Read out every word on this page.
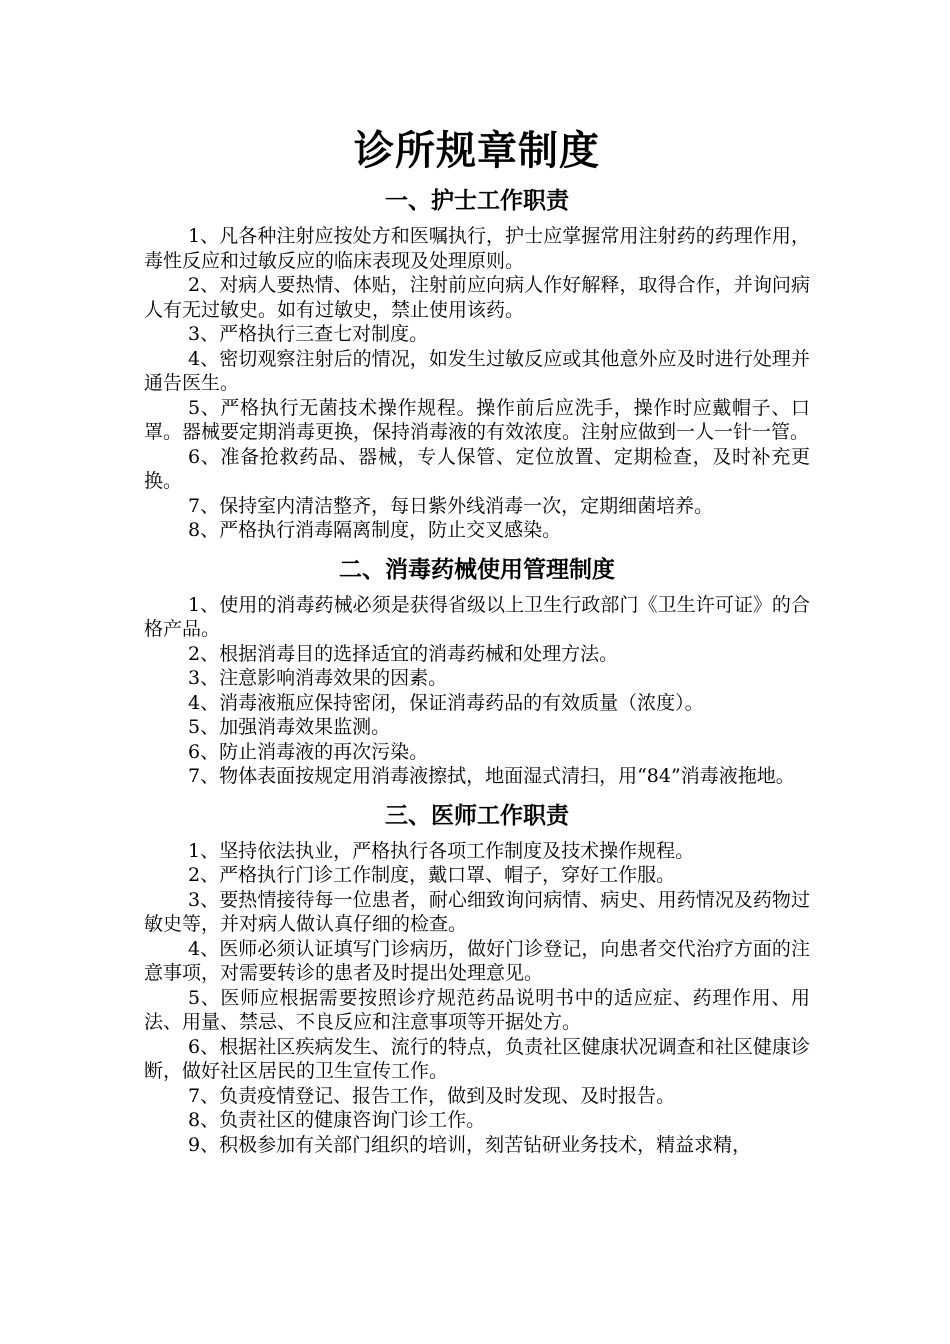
诊所规章制度
一、护士工作职责

1、凡各种注射应按处方和医嘱执行，护士应掌握常用注射药的药理作用，毒性反应和过敏反应的临床表现及处理原则。

2、对病人要热情、体贴，注射前应向病人作好解释，取得合作，并询问病人有无过敏史。如有过敏史，禁止使用该药。

3、严格执行三查七对制度。

4、密切观察注射后的情况，如发生过敏反应或其他意外应及时进行处理并通告医生。

5、严格执行无菌技术操作规程。操作前后应洗手，操作时应戴帽子、口罩。器械要定期消毒更换，保持消毒液的有效浓度。注射应做到一人一针一管。

6、准备抢救药品、器械，专人保管、定位放置、定期检查，及时补充更换。

7、保持室内清洁整齐，每日紫外线消毒一次，定期细菌培养。

8、严格执行消毒隔离制度，防止交叉感染。

二、消毒药械使用管理制度

1、使用的消毒药械必须是获得省级以上卫生行政部门《卫生许可证》的合格产品。

2、根据消毒目的选择适宜的消毒药械和处理方法。

3、注意影响消毒效果的因素。

4、消毒液瓶应保持密闭，保证消毒药品的有效质量（浓度）。

5、加强消毒效果监测。

6、防止消毒液的再次污染。

7、物体表面按规定用消毒液擦拭，地面湿式清扫，用“84”消毒液拖地。

三、医师工作职责

1、坚持依法执业，严格执行各项工作制度及技术操作规程。

2、严格执行门诊工作制度，戴口罩、帽子，穿好工作服。

3、要热情接待每一位患者，耐心细致询问病情、病史、用药情况及药物过敏史等，并对病人做认真仔细的检查。

4、医师必须认证填写门诊病历，做好门诊登记，向患者交代治疗方面的注意事项，对需要转诊的患者及时提出处理意见。

5、医师应根据需要按照诊疗规范药品说明书中的适应症、药理作用、用法、用量、禁忌、不良反应和注意事项等开据处方。

6、根据社区疾病发生、流行的特点，负责社区健康状况调查和社区健康诊断，做好社区居民的卫生宣传工作。

7、负责疫情登记、报告工作，做到及时发现、及时报告。

8、负责社区的健康咨询门诊工作。

9、积极参加有关部门组织的培训，刻苦钻研业务技术，精益求精，
